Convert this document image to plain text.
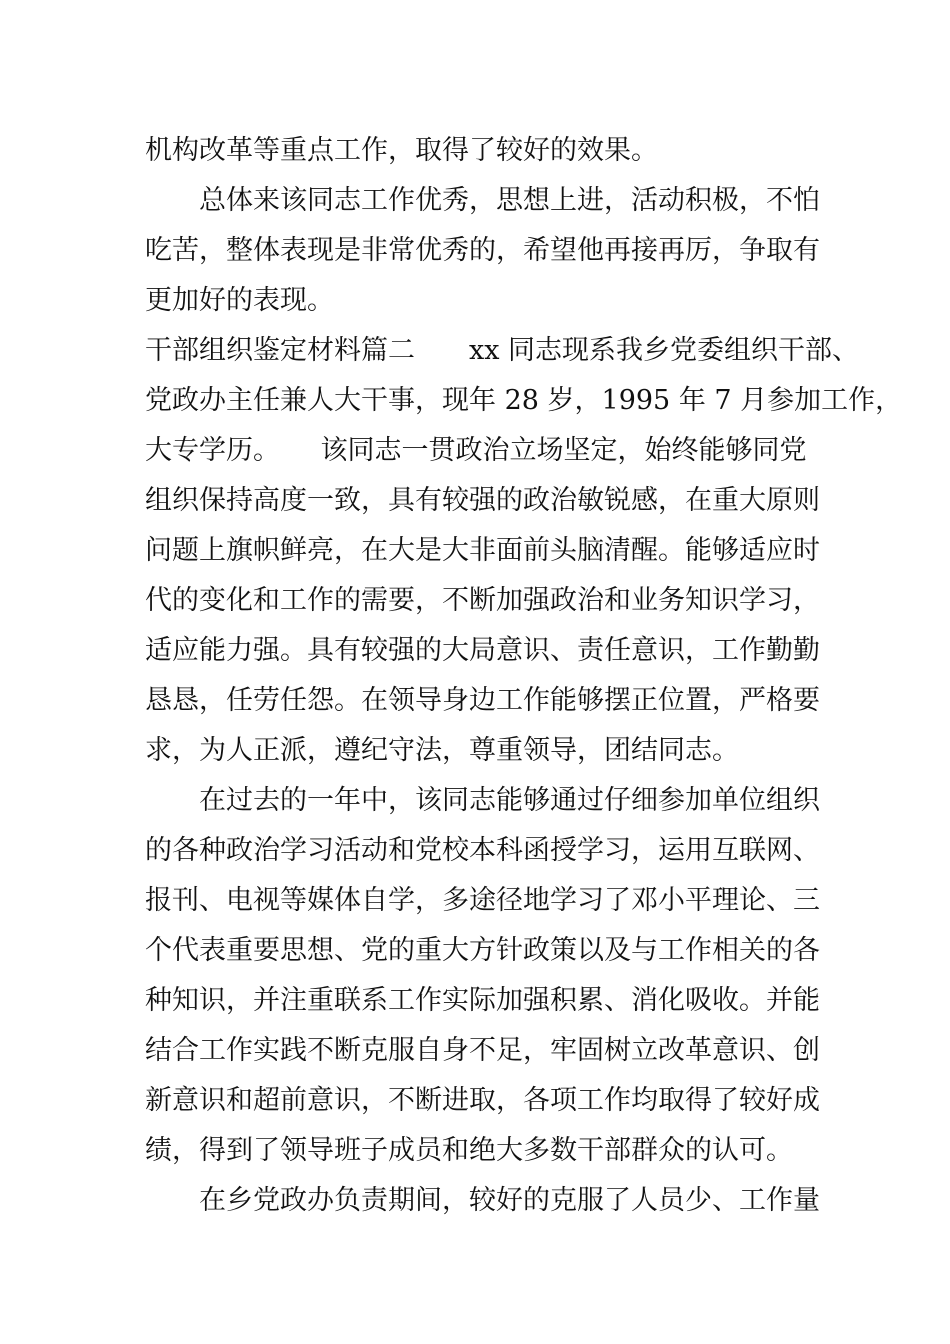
机构改革等重点工作，取得了较好的效果。
总体来该同志工作优秀，思想上进，活动积极，不怕
吃苦，整体表现是非常优秀的，希望他再接再厉，争取有
更加好的表现。
干部组织鉴定材料篇二　　xx 同志现系我乡党委组织干部、
党政办主任兼人大干事，现年 28 岁，1995 年 7 月参加工作，
大专学历。　　该同志一贯政治立场坚定，始终能够同党
组织保持高度一致，具有较强的政治敏锐感，在重大原则
问题上旗帜鲜亮，在大是大非面前头脑清醒。能够适应时
代的变化和工作的需要，不断加强政治和业务知识学习，
适应能力强。具有较强的大局意识、责任意识，工作勤勤
恳恳，任劳任怨。在领导身边工作能够摆正位置，严格要
求，为人正派，遵纪守法，尊重领导，团结同志。
在过去的一年中，该同志能够通过仔细参加单位组织
的各种政治学习活动和党校本科函授学习，运用互联网、
报刊、电视等媒体自学，多途径地学习了邓小平理论、三
个代表重要思想、党的重大方针政策以及与工作相关的各
种知识，并注重联系工作实际加强积累、消化吸收。并能
结合工作实践不断克服自身不足，牢固树立改革意识、创
新意识和超前意识，不断进取，各项工作均取得了较好成
绩，得到了领导班子成员和绝大多数干部群众的认可。
在乡党政办负责期间，较好的克服了人员少、工作量
